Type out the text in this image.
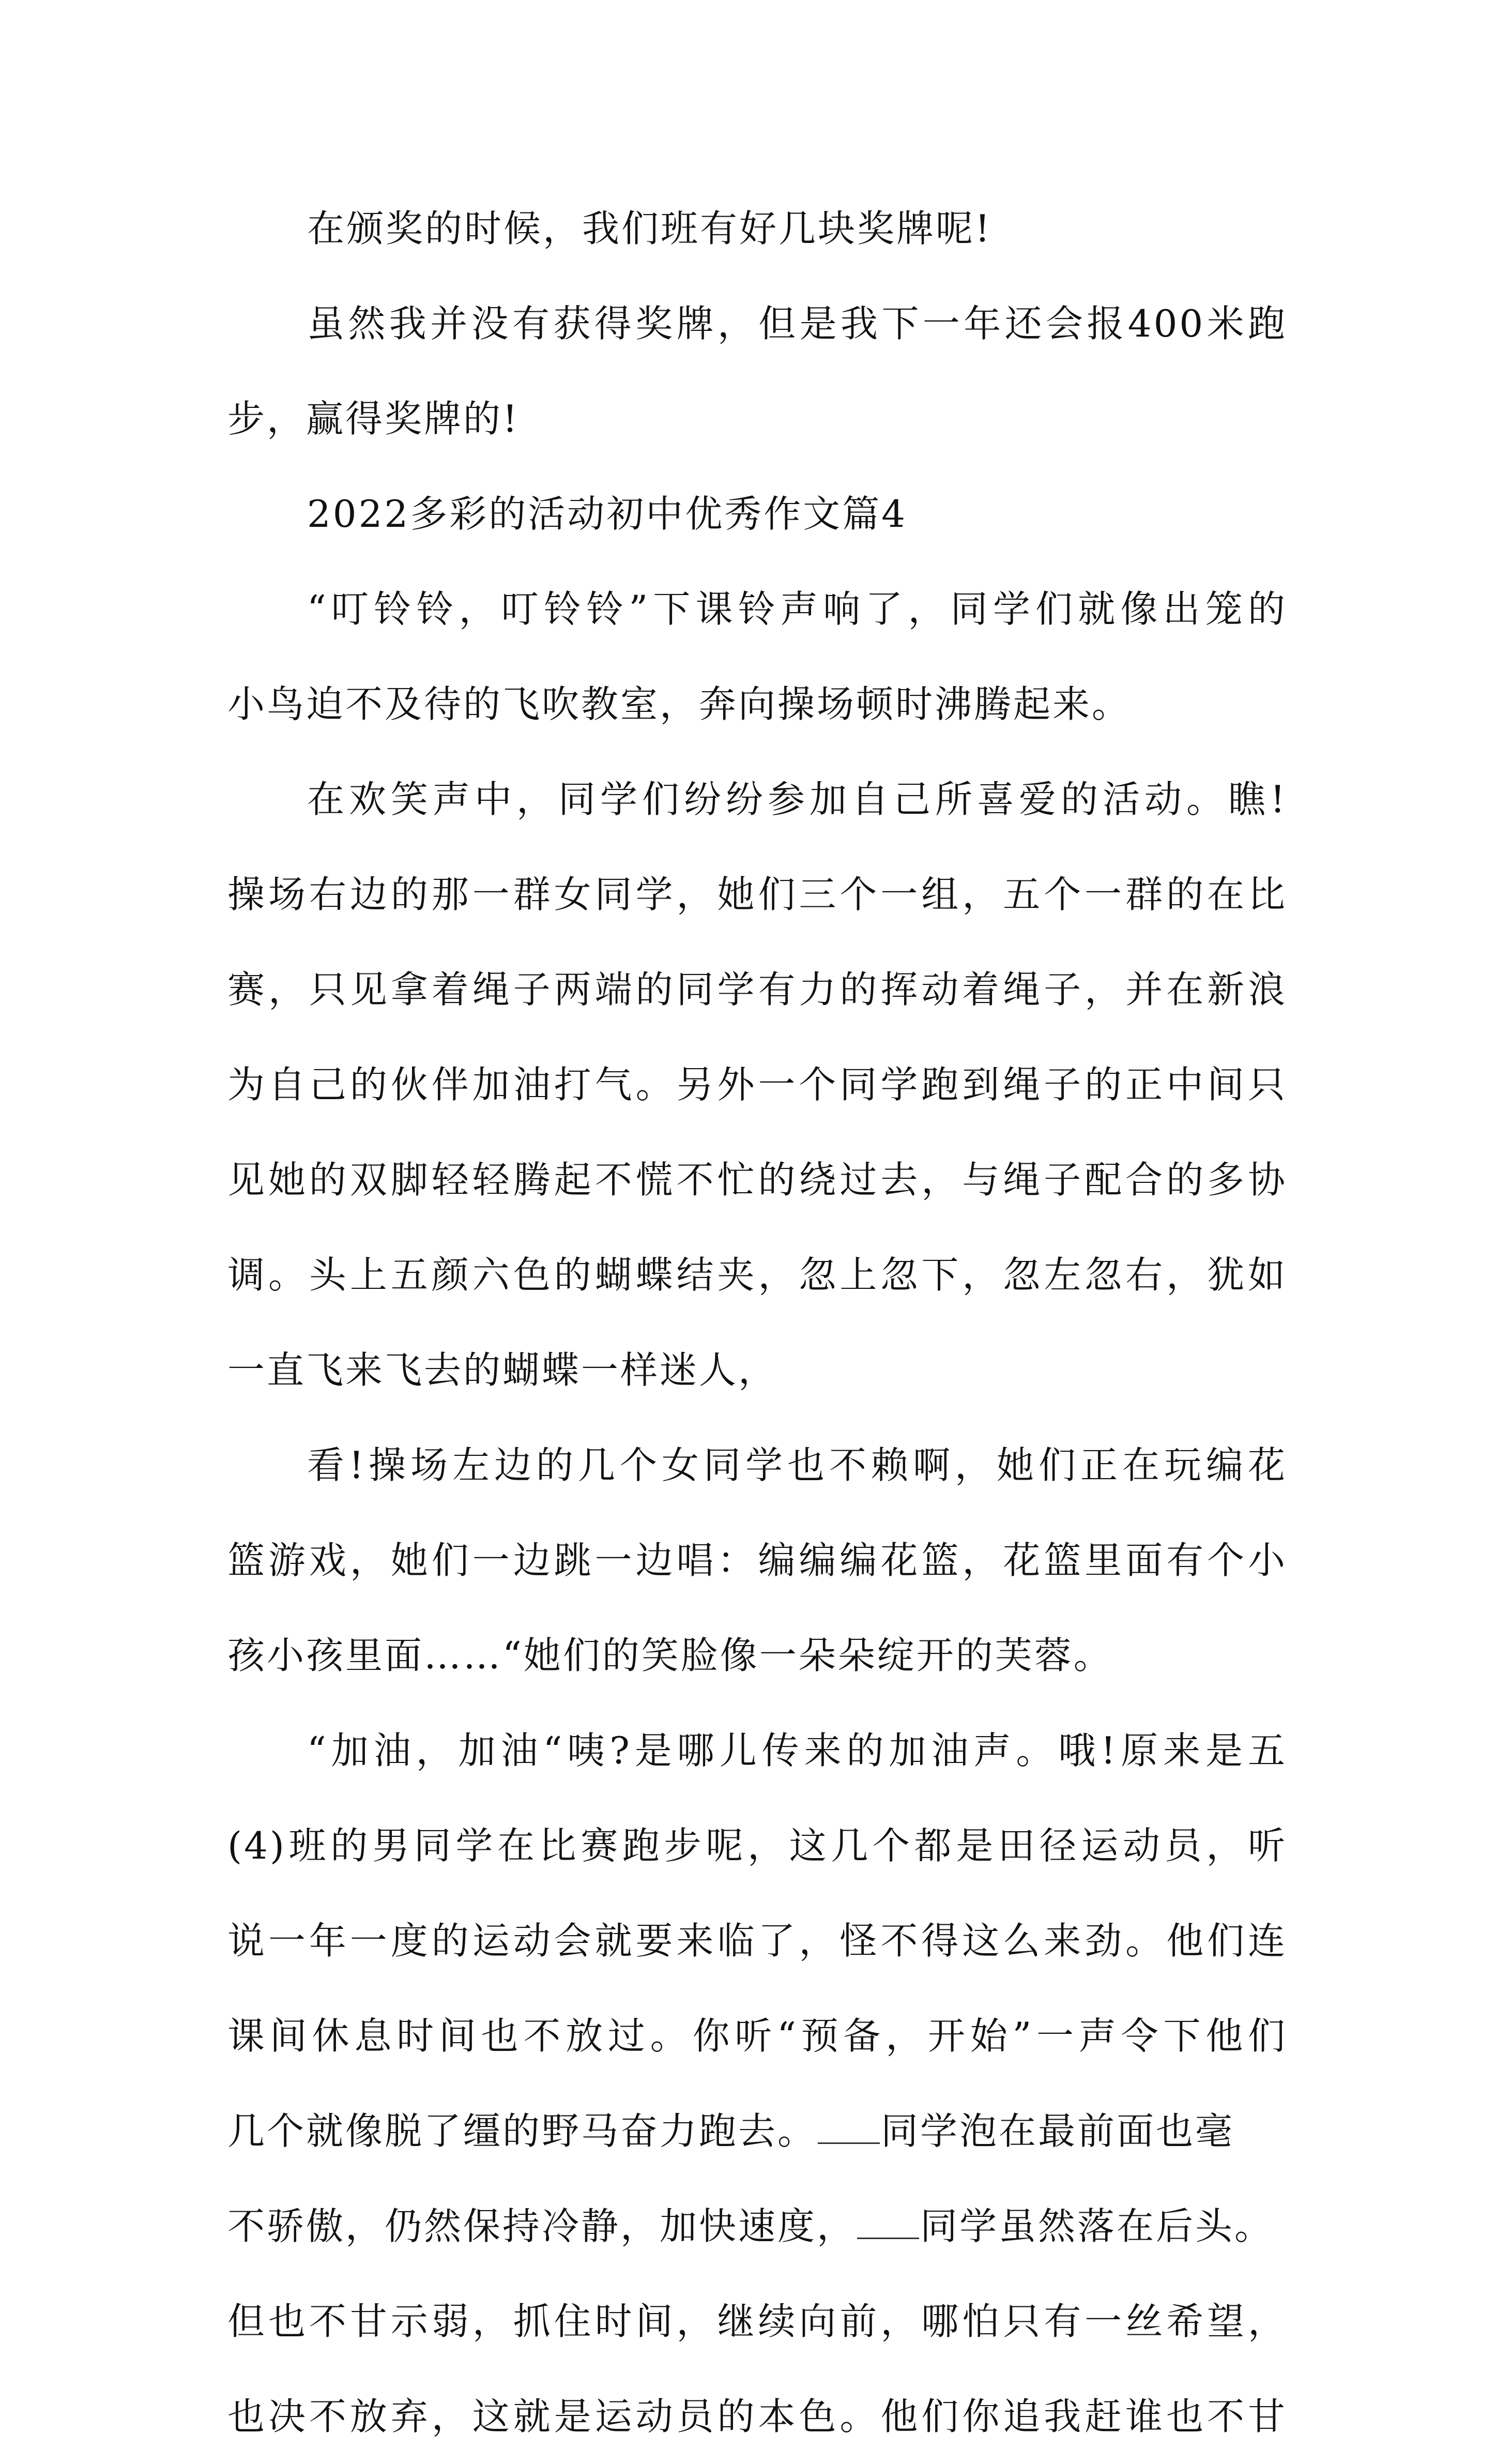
在颁奖的时候，我们班有好几块奖牌呢!
虽然我并没有获得奖牌，但是我下一年还会报400米跑
步，赢得奖牌的!
2022多彩的活动初中优秀作文篇4
“叮铃铃，叮铃铃”下课铃声响了，同学们就像出笼的
小鸟迫不及待的飞吹教室，奔向操场顿时沸腾起来。
在欢笑声中，同学们纷纷参加自己所喜爱的活动。瞧!
操场右边的那一群女同学，她们三个一组，五个一群的在比
赛，只见拿着绳子两端的同学有力的挥动着绳子，并在新浪
为自己的伙伴加油打气。另外一个同学跑到绳子的正中间只
见她的双脚轻轻腾起不慌不忙的绕过去，与绳子配合的多协
调。头上五颜六色的蝴蝶结夹，忽上忽下，忽左忽右，犹如
一直飞来飞去的蝴蝶一样迷人，
看!操场左边的几个女同学也不赖啊，她们正在玩编花
篮游戏，她们一边跳一边唱：编编编花篮，花篮里面有个小
孩小孩里面……“她们的笑脸像一朵朵绽开的芙蓉。
“加油，加油“咦?是哪儿传来的加油声。哦!原来是五
(4)班的男同学在比赛跑步呢，这几个都是田径运动员，听
说一年一度的运动会就要来临了，怪不得这么来劲。他们连
课间休息时间也不放过。你听“预备，开始”一声令下他们
几个就像脱了缰的野马奋力跑去。 同学泡在最前面也毫
不骄傲，仍然保持冷静，加快速度， 同学虽然落在后头。
但也不甘示弱，抓住时间，继续向前，哪怕只有一丝希望，
也决不放弃，这就是运动员的本色。他们你追我赶谁也不甘
